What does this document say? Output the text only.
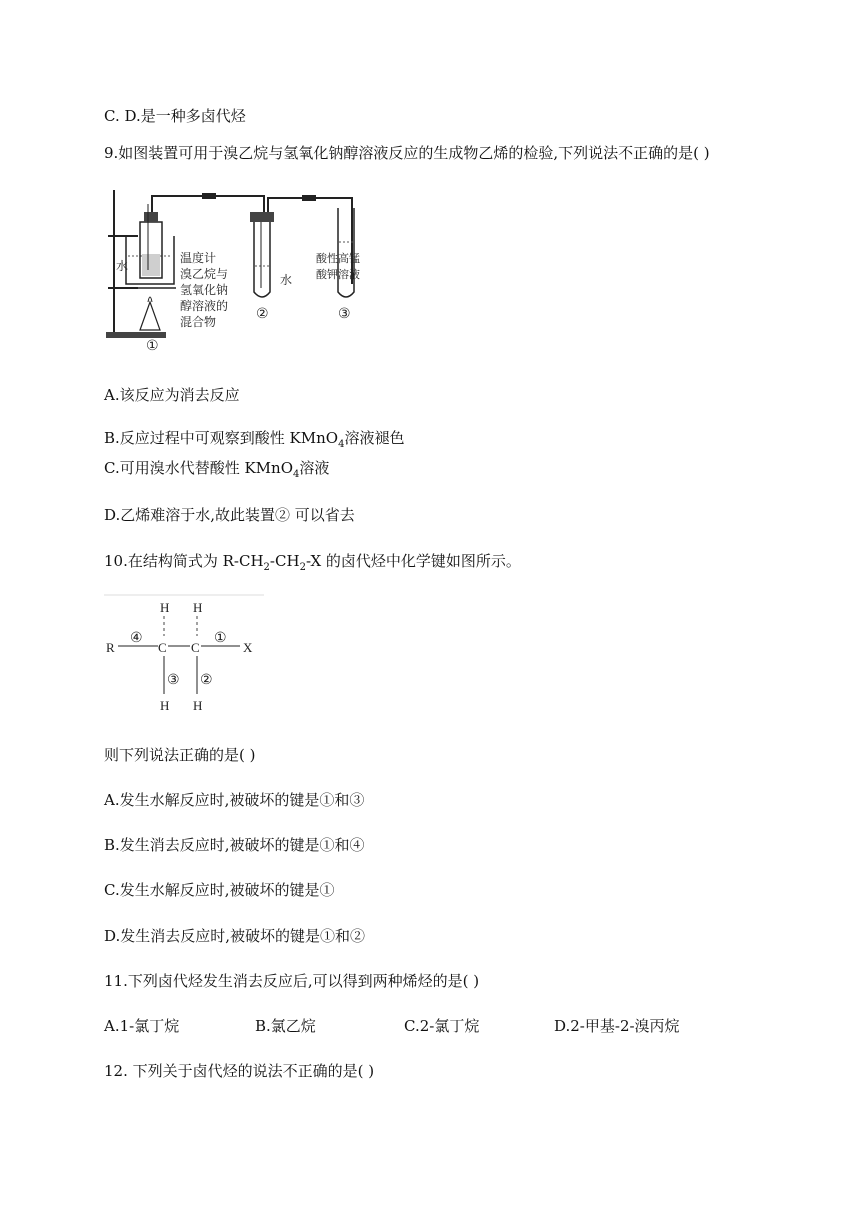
C. D.是一种多卤代烃
9.如图装置可用于溴乙烷与氢氧化钠醇溶液反应的生成物乙烯的检验,下列说法不正确的是( )
水
温度计
溴乙烷与
氢氧化钠
醇溶液的
混合物
水
酸性高锰
酸钾溶液
①
②	③
A.该反应为消去反应
B.反应过程中可观察到酸性 KMnO$_4$溶液褪色
C.可用溴水代替酸性 KMnO$_4$溶液
D.乙烯难溶于水,故此装置② 可以省去
10.在结构简式为 $R-CH_2-CH_2-X$ 的卤代烃中化学键如图所示。
R	C C	X
H H
H H
④	①
③ ②
则下列说法正确的是( )
A.发生水解反应时,被破坏的键是①和③
B.发生消去反应时,被破坏的键是①和④
C.发生水解反应时,被破坏的键是①
D.发生消去反应时,被破坏的键是①和②
11.下列卤代烃发生消去反应后,可以得到两种烯烃的是( )
A.1-氯丁烷	B.氯乙烷	C.2-氯丁烷	D.2-甲基-2-溴丙烷
12. 下列关于卤代烃的说法不正确的是( )
